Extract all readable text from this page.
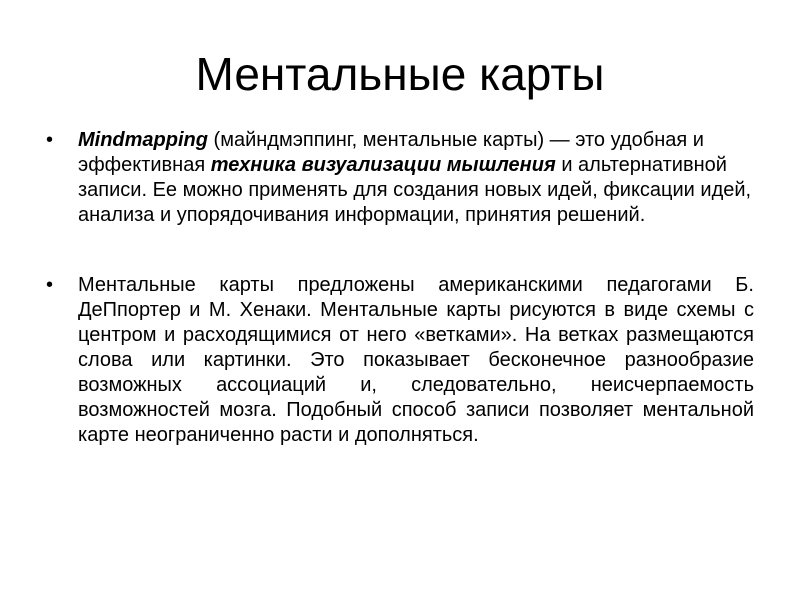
Ментальные карты
• Mindmapping (майндмэппинг, ментальные карты) — это удобная и эффективная техника визуализации мышления и альтернативной записи. Ее можно применять для создания новых идей, фиксации идей, анализа и упорядочивания информации, принятия решений.
• Ментальные карты предложены американскими педагогами Б. ДеПпортер и М. Хенаки. Ментальные карты рисуются в виде схемы с центром и расходящимися от него «ветками». На ветках размещаются слова или картинки. Это показывает бесконечное разнообразие возможных ассоциаций и, следовательно, неисчерпаемость возможностей мозга. Подобный способ записи позволяет ментальной карте неограниченно расти и дополняться.
